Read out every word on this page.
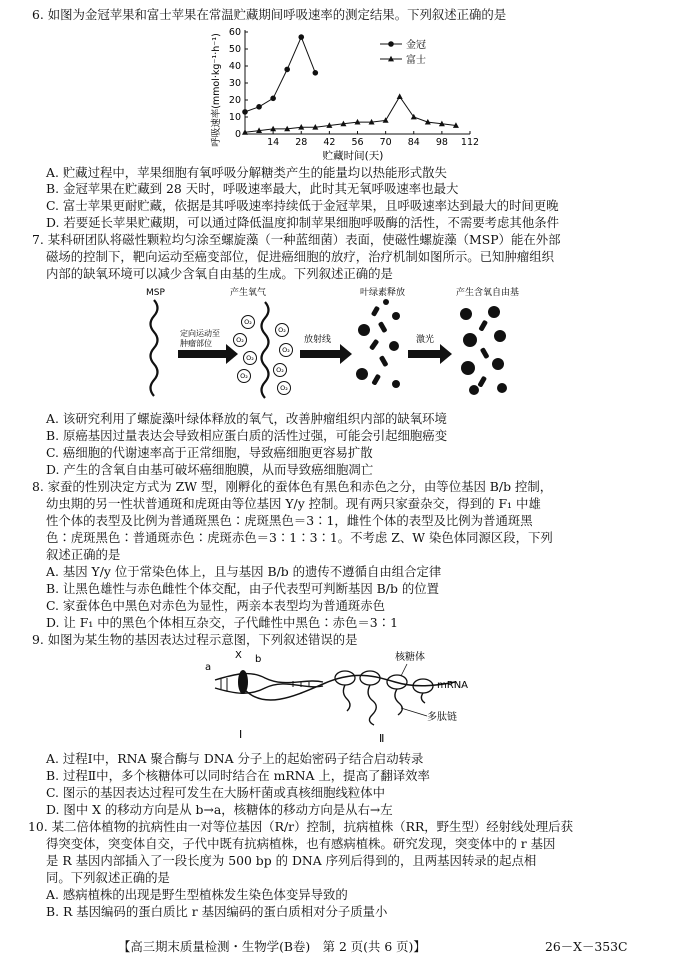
6. 如图为金冠苹果和富士苹果在常温贮藏期间呼吸速率的测定结果。下列叙述正确的是
14 28 42 56 70 84 98 112
0
10
20
30
40
50
60
金冠
富士
贮藏时间(天)
呼吸速率(mmol·kg⁻¹·h⁻¹)
A. 贮藏过程中，苹果细胞有氧呼吸分解糖类产生的能量均以热能形式散失
B. 金冠苹果在贮藏到 28 天时，呼吸速率最大，此时其无氧呼吸速率也最大
C. 富士苹果更耐贮藏，依据是其呼吸速率持续低于金冠苹果，且呼吸速率达到最大的时间更晚
D. 若要延长苹果贮藏期，可以通过降低温度抑制苹果细胞呼吸酶的活性，不需要考虑其他条件
7. 某科研团队将磁性颗粒均匀涂至螺旋藻（一种蓝细菌）表面，使磁性螺旋藻（MSP）能在外部
磁场的控制下，靶向运动至癌变部位，促进癌细胞的放疗，治疗机制如图所示。已知肿瘤组织
内部的缺氧环境可以减少含氧自由基的生成。下列叙述正确的是
MSP
定向运动至
肿瘤部位
产生氧气
O₂
O₂
O₂
O₂
O₂
O₂
O₂
O₂
放射线
叶绿素释放
激光
产生含氧自由基
A. 该研究利用了螺旋藻叶绿体释放的氧气，改善肿瘤组织内部的缺氧环境
B. 原癌基因过量表达会导致相应蛋白质的活性过强，可能会引起细胞癌变
C. 癌细胞的代谢速率高于正常细胞，导致癌细胞更容易扩散
D. 产生的含氧自由基可破坏癌细胞膜，从而导致癌细胞凋亡
8. 家蚕的性别决定方式为 ZW 型，刚孵化的蚕体色有黑色和赤色之分，由等位基因 B/b 控制，
幼虫期的另一性状普通斑和虎斑由等位基因 Y/y 控制。现有两只家蚕杂交，得到的 F₁ 中雄
性个体的表型及比例为普通斑黑色∶虎斑黑色＝3∶1，雌性个体的表型及比例为普通斑黑
色∶虎斑黑色∶普通斑赤色∶虎斑赤色＝3∶1∶3∶1。不考虑 Z、W 染色体同源区段，下列
叙述正确的是
A. 基因 Y/y 位于常染色体上，且与基因 B/b 的遗传不遵循自由组合定律
B. 让黑色雄性与赤色雌性个体交配，由子代表型可判断基因 B/b 的位置
C. 家蚕体色中黑色对赤色为显性，两亲本表型均为普通斑赤色
D. 让 F₁ 中的黑色个体相互杂交，子代雌性中黑色∶赤色＝3∶1
9. 如图为某生物的基因表达过程示意图，下列叙述错误的是
a
X b	核糖体
mRNA
多肽链
Ⅰ	Ⅱ
A. 过程Ⅰ中，RNA 聚合酶与 DNA 分子上的起始密码子结合启动转录
B. 过程Ⅱ中，多个核糖体可以同时结合在 mRNA 上，提高了翻译效率
C. 图示的基因表达过程可发生在大肠杆菌或真核细胞线粒体中
D. 图中 X 的移动方向是从 b→a，核糖体的移动方向是从右→左
10. 某二倍体植物的抗病性由一对等位基因（R/r）控制，抗病植株（RR，野生型）经射线处理后获
得突变体，突变体自交，子代中既有抗病植株，也有感病植株。研究发现，突变体中的 r 基因
是 R 基因内部插入了一段长度为 500 bp 的 DNA 序列后得到的，且两基因转录的起点相
同。下列叙述正确的是
A. 感病植株的出现是野生型植株发生染色体变异导致的
B. R 基因编码的蛋白质比 r 基因编码的蛋白质相对分子质量小
【高三期末质量检测・生物学(B卷)　第 2 页(共 6 页)】	26－X－353C
